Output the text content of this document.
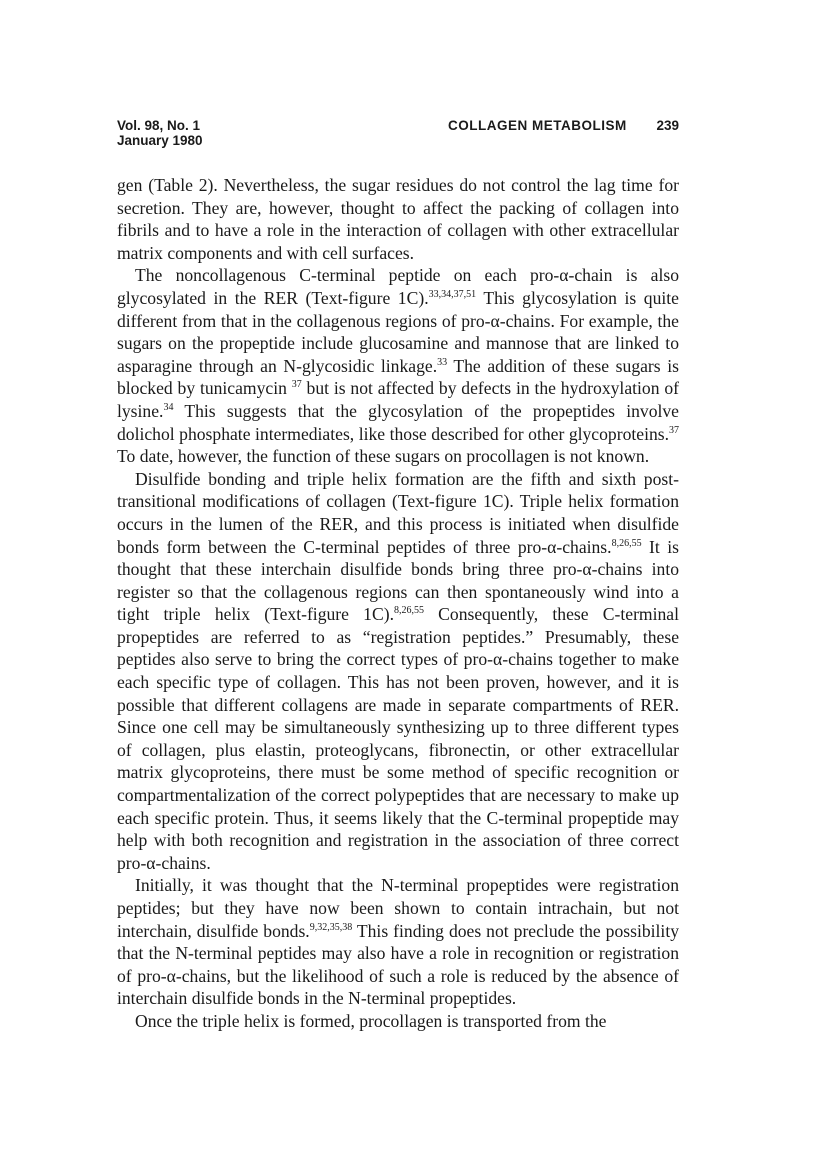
Vol. 98, No. 1
January 1980
COLLAGEN METABOLISM 239

gen (Table 2). Nevertheless, the sugar residues do not control the lag time for secretion. They are, however, thought to affect the packing of collagen into fibrils and to have a role in the interaction of collagen with other extracellular matrix components and with cell surfaces.

The noncollagenous C-terminal peptide on each pro-α-chain is also glycosylated in the RER (Text-figure 1C).$^{33,34,37,51}$ This glycosylation is quite different from that in the collagenous regions of pro-α-chains. For example, the sugars on the propeptide include glucosamine and mannose that are linked to asparagine through an N-glycosidic linkage.$^{33}$ The addition of these sugars is blocked by tunicamycin $^{37}$ but is not affected by defects in the hydroxylation of lysine.$^{34}$ This suggests that the glycosylation of the propeptides involve dolichol phosphate intermediates, like those described for other glycoproteins.$^{37}$ To date, however, the function of these sugars on procollagen is not known.

Disulfide bonding and triple helix formation are the fifth and sixth post-transitional modifications of collagen (Text-figure 1C). Triple helix formation occurs in the lumen of the RER, and this process is initiated when disulfide bonds form between the C-terminal peptides of three pro-α-chains.$^{8,26,55}$ It is thought that these interchain disulfide bonds bring three pro-α-chains into register so that the collagenous regions can then spontaneously wind into a tight triple helix (Text-figure 1C).$^{8,26,55}$ Consequently, these C-terminal propeptides are referred to as “registration peptides.” Presumably, these peptides also serve to bring the correct types of pro-α-chains together to make each specific type of collagen. This has not been proven, however, and it is possible that different collagens are made in separate compartments of RER. Since one cell may be simultaneously synthesizing up to three different types of collagen, plus elastin, proteoglycans, fibronectin, or other extracellular matrix glycoproteins, there must be some method of specific recognition or compartmentalization of the correct polypeptides that are necessary to make up each specific protein. Thus, it seems likely that the C-terminal propeptide may help with both recognition and registration in the association of three correct pro-α-chains.

Initially, it was thought that the N-terminal propeptides were registration peptides; but they have now been shown to contain intrachain, but not interchain, disulfide bonds.$^{9,32,35,38}$ This finding does not preclude the possibility that the N-terminal peptides may also have a role in recognition or registration of pro-α-chains, but the likelihood of such a role is reduced by the absence of interchain disulfide bonds in the N-terminal propeptides.

Once the triple helix is formed, procollagen is transported from the
